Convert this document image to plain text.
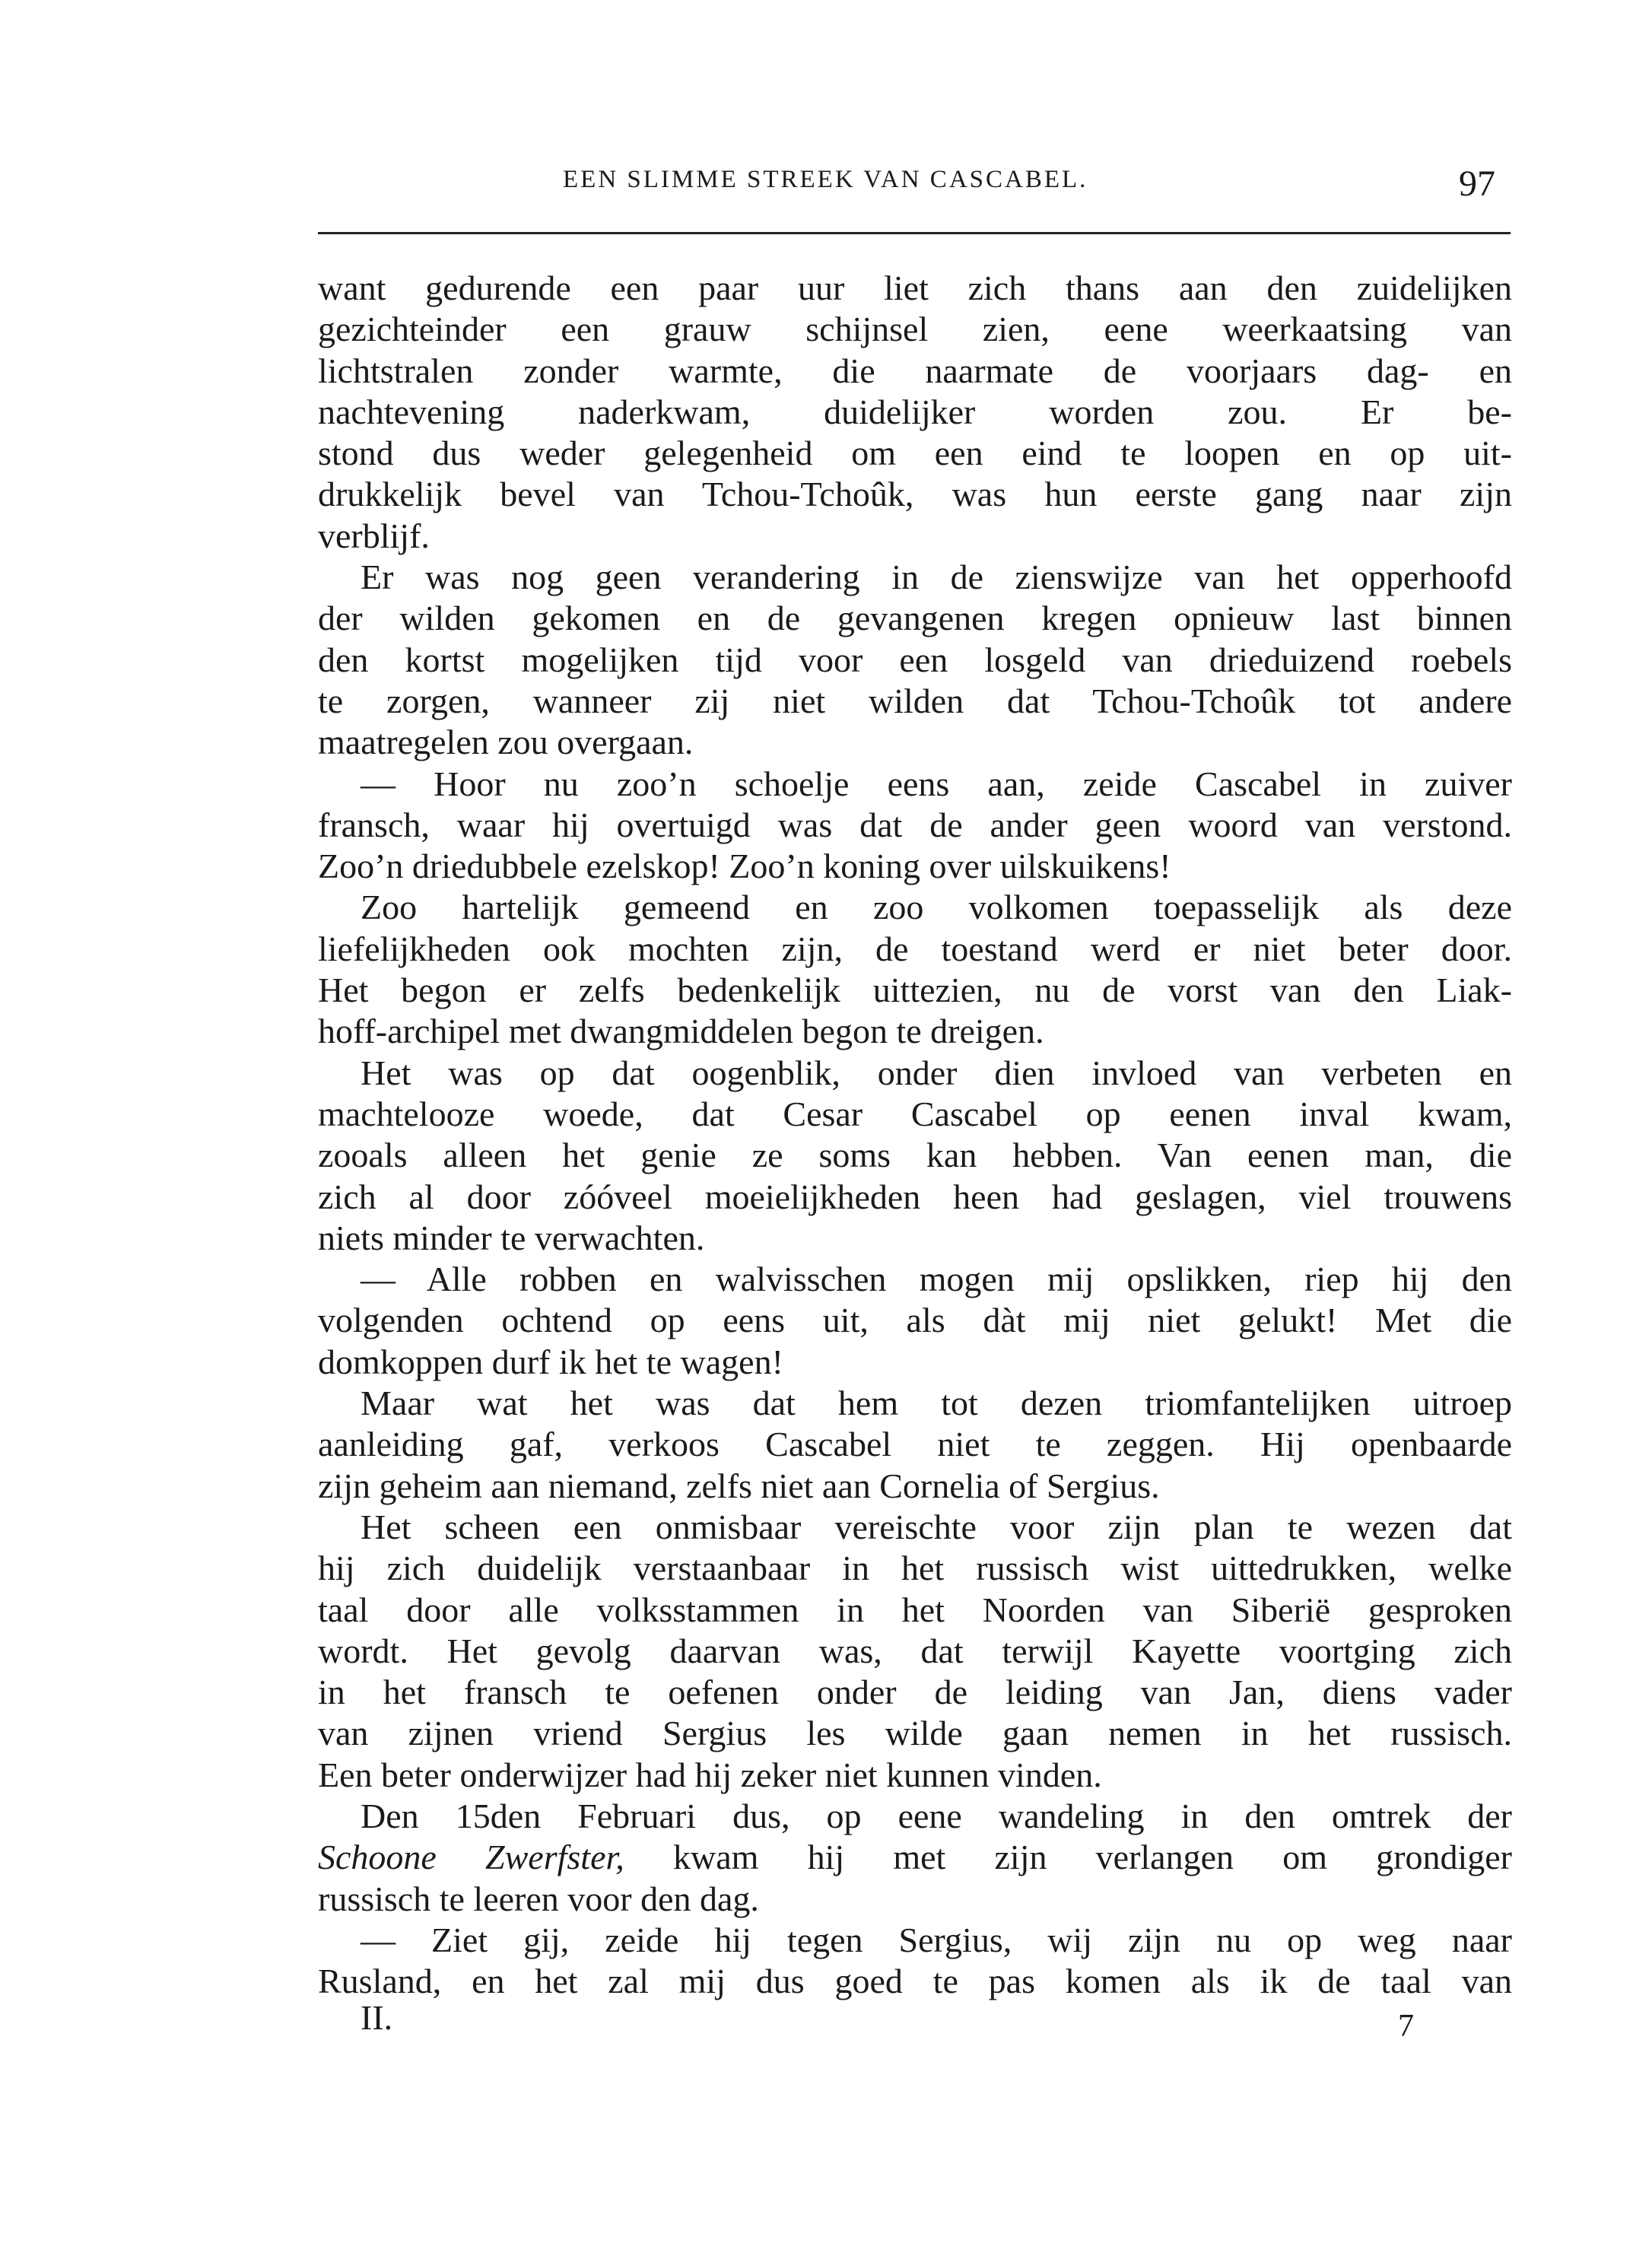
EEN SLIMME STREEK VAN CASCABEL.	97
want gedurende een paar uur liet zich thans aan den zuidelijken
gezichteinder een grauw schijnsel zien, eene weerkaatsing van
lichtstralen zonder warmte, die naarmate de voorjaars dag- en
nachtevening naderkwam, duidelijker worden zou. Er be-
stond dus weder gelegenheid om een eind te loopen en op uit-
drukkelijk bevel van Tchou-Tchoûk, was hun eerste gang naar zijn
verblijf.
Er was nog geen verandering in de zienswijze van het opperhoofd
der wilden gekomen en de gevangenen kregen opnieuw last binnen
den kortst mogelijken tijd voor een losgeld van drieduizend roebels
te zorgen, wanneer zij niet wilden dat Tchou-Tchoûk tot andere
maatregelen zou overgaan.
— Hoor nu zoo’n schoelje eens aan, zeide Cascabel in zuiver
fransch, waar hij overtuigd was dat de ander geen woord van verstond.
Zoo’n driedubbele ezelskop! Zoo’n koning over uilskuikens!
Zoo hartelijk gemeend en zoo volkomen toepasselijk als deze
liefelijkheden ook mochten zijn, de toestand werd er niet beter door.
Het begon er zelfs bedenkelijk uittezien, nu de vorst van den Liak-
hoff-archipel met dwangmiddelen begon te dreigen.
Het was op dat oogenblik, onder dien invloed van verbeten en
machtelooze woede, dat Cesar Cascabel op eenen inval kwam,
zooals alleen het genie ze soms kan hebben. Van eenen man, die
zich al door zóóveel moeielijkheden heen had geslagen, viel trouwens
niets minder te verwachten.
— Alle robben en walvisschen mogen mij opslikken, riep hij den
volgenden ochtend op eens uit, als dàt mij niet gelukt! Met die
domkoppen durf ik het te wagen!
Maar wat het was dat hem tot dezen triomfantelijken uitroep
aanleiding gaf, verkoos Cascabel niet te zeggen. Hij openbaarde
zijn geheim aan niemand, zelfs niet aan Cornelia of Sergius.
Het scheen een onmisbaar vereischte voor zijn plan te wezen dat
hij zich duidelijk verstaanbaar in het russisch wist uittedrukken, welke
taal door alle volksstammen in het Noorden van Siberië gesproken
wordt. Het gevolg daarvan was, dat terwijl Kayette voortging zich
in het fransch te oefenen onder de leiding van Jan, diens vader
van zijnen vriend Sergius les wilde gaan nemen in het russisch.
Een beter onderwijzer had hij zeker niet kunnen vinden.
Den 15den Februari dus, op eene wandeling in den omtrek der
Schoone Zwerfster, kwam hij met zijn verlangen om grondiger
russisch te leeren voor den dag.
— Ziet gij, zeide hij tegen Sergius, wij zijn nu op weg naar
Rusland, en het zal mij dus goed te pas komen als ik de taal van
II.	7
